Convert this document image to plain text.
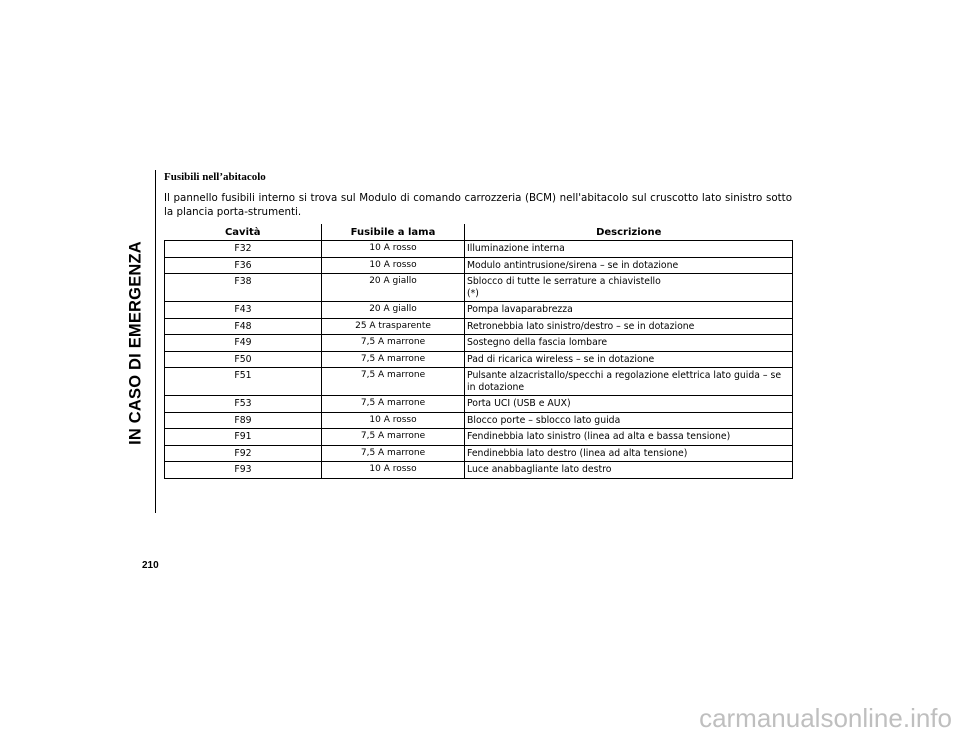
IN CASO DI EMERGENZA
Fusibili nell’abitacolo
Il pannello fusibili interno si trova sul Modulo di comando carrozzeria (BCM) nell'abitacolo sul cruscotto lato sinistro sotto la plancia porta-strumenti.
Cavità	Fusibile a lama	Descrizione
F32	10 A rosso	Illuminazione interna
F36	10 A rosso	Modulo antintrusione/sirena – se in dotazione
F38	20 A giallo	Sblocco di tutte le serrature a chiavistello (*)

F43	20 A giallo	Pompa lavaparabrezza
F48	25 A trasparente	Retronebbia lato sinistro/destro – se in dotazione
F49	7,5 A marrone	Sostegno della fascia lombare
F50	7,5 A marrone	Pad di ricarica wireless – se in dotazione
F51	7,5 A marrone	Pulsante alzacristallo/specchi a regolazione elettrica lato guida – se in dotazione
F53	7,5 A marrone	Porta UCI (USB e AUX)
F89	10 A rosso	Blocco porte – sblocco lato guida
F91	7,5 A marrone	Fendinebbia lato sinistro (linea ad alta e bassa tensione)
F92	7,5 A marrone	Fendinebbia lato destro (linea ad alta tensione)
F93	10 A rosso	Luce anabbagliante lato destro
210
carmanualsonline.info
